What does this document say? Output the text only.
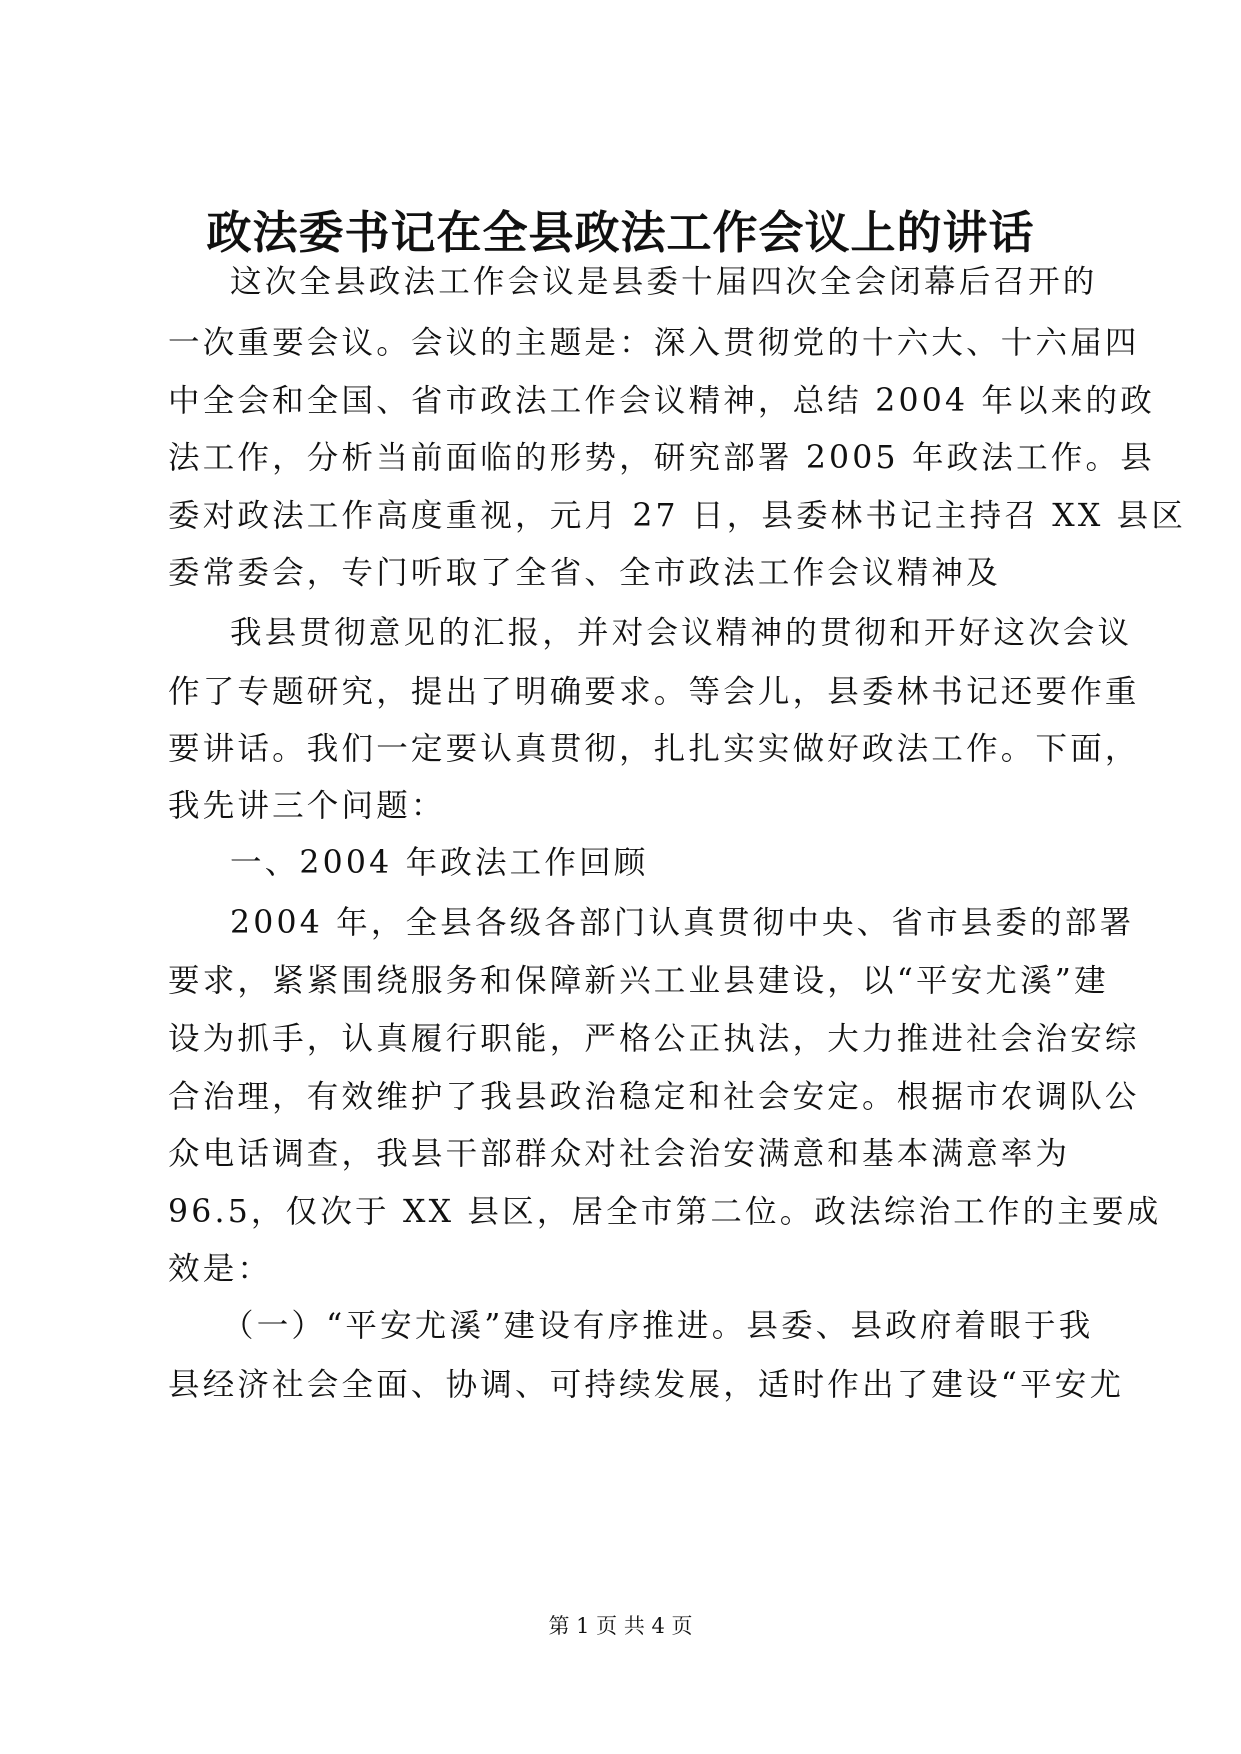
政法委书记在全县政法工作会议上的讲话
这次全县政法工作会议是县委十届四次全会闭幕后召开的
一次重要会议。会议的主题是：深入贯彻党的十六大、十六届四
中全会和全国、省市政法工作会议精神，总结 2004 年以来的政
法工作，分析当前面临的形势，研究部署 2005 年政法工作。县
委对政法工作高度重视，元月 27 日，县委林书记主持召 XX 县区
委常委会，专门听取了全省、全市政法工作会议精神及
我县贯彻意见的汇报，并对会议精神的贯彻和开好这次会议
作了专题研究，提出了明确要求。等会儿，县委林书记还要作重
要讲话。我们一定要认真贯彻，扎扎实实做好政法工作。下面，
我先讲三个问题：
一、2004 年政法工作回顾
2004 年，全县各级各部门认真贯彻中央、省市县委的部署
要求，紧紧围绕服务和保障新兴工业县建设，以“平安尤溪”建
设为抓手，认真履行职能，严格公正执法，大力推进社会治安综
合治理，有效维护了我县政治稳定和社会安定。根据市农调队公
众电话调查，我县干部群众对社会治安满意和基本满意率为
96.5，仅次于 XX 县区，居全市第二位。政法综治工作的主要成
效是：
（一）“平安尤溪”建设有序推进。县委、县政府着眼于我
县经济社会全面、协调、可持续发展，适时作出了建设“平安尤
第 1 页 共 4 页
